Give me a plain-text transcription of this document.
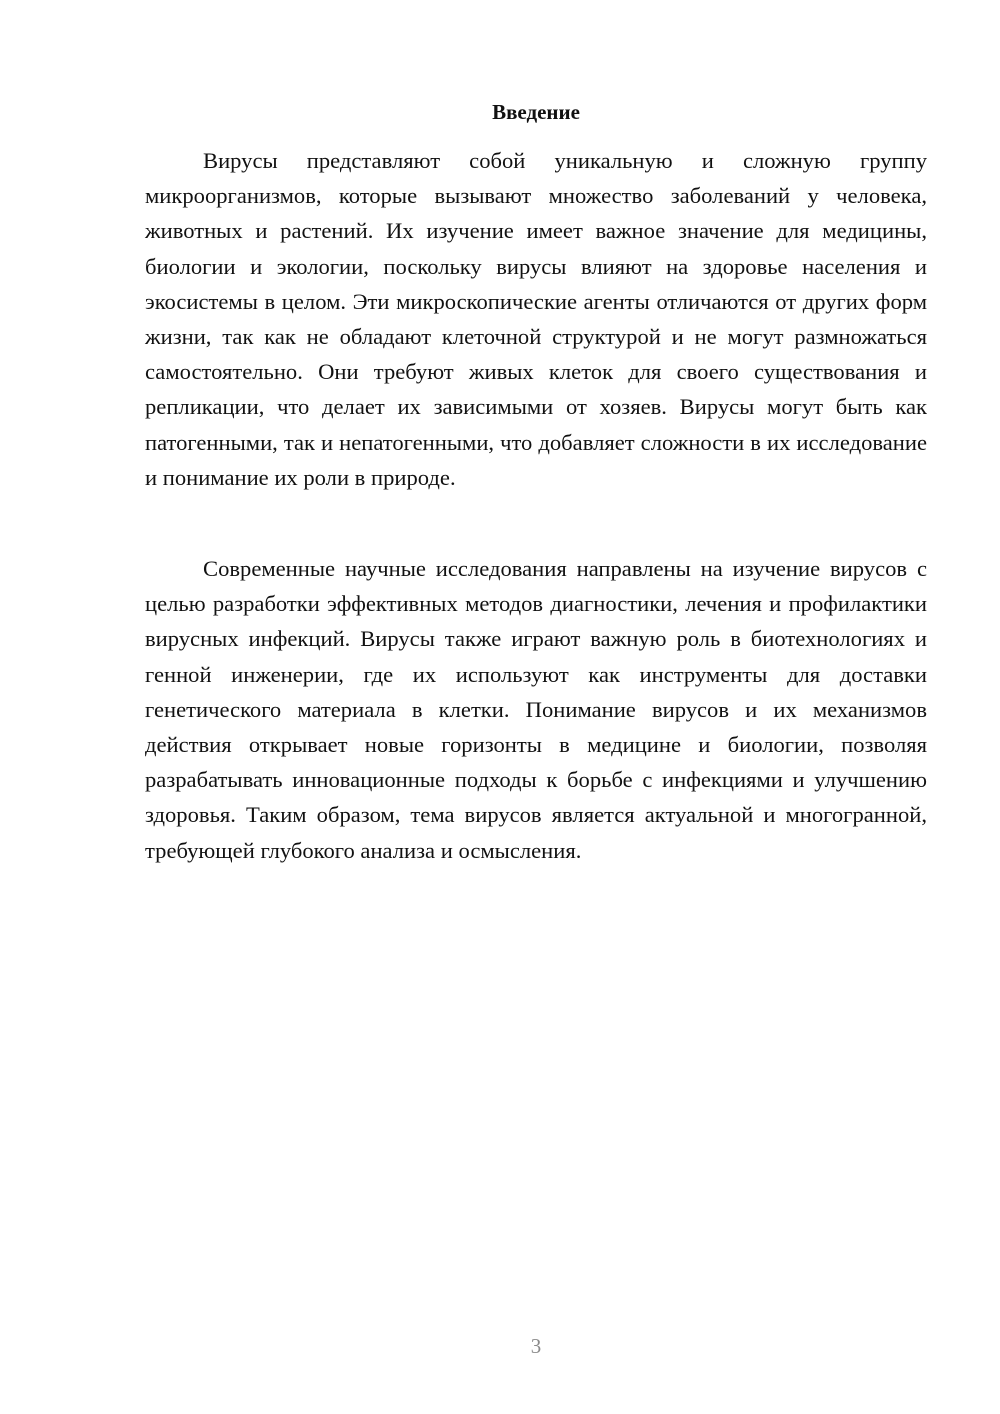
Введение

Вирусы представляют собой уникальную и сложную группу микроорганизмов, которые вызывают множество заболеваний у человека, животных и растений. Их изучение имеет важное значение для медицины, биологии и экологии, поскольку вирусы влияют на здоровье населения и экосистемы в целом. Эти микроскопические агенты отличаются от других форм жизни, так как не обладают клеточной структурой и не могут размножаться самостоятельно. Они требуют живых клеток для своего существования и репликации, что делает их зависимыми от хозяев. Вирусы могут быть как патогенными, так и непатогенными, что добавляет сложности в их исследование и понимание их роли в природе.

Современные научные исследования направлены на изучение вирусов с целью разработки эффективных методов диагностики, лечения и профилактики вирусных инфекций. Вирусы также играют важную роль в биотехнологиях и генной инженерии, где их используют как инструменты для доставки генетического материала в клетки. Понимание вирусов и их механизмов действия открывает новые горизонты в медицине и биологии, позволяя разрабатывать инновационные подходы к борьбе с инфекциями и улучшению здоровья. Таким образом, тема вирусов является актуальной и многогранной, требующей глубокого анализа и осмысления.

3
